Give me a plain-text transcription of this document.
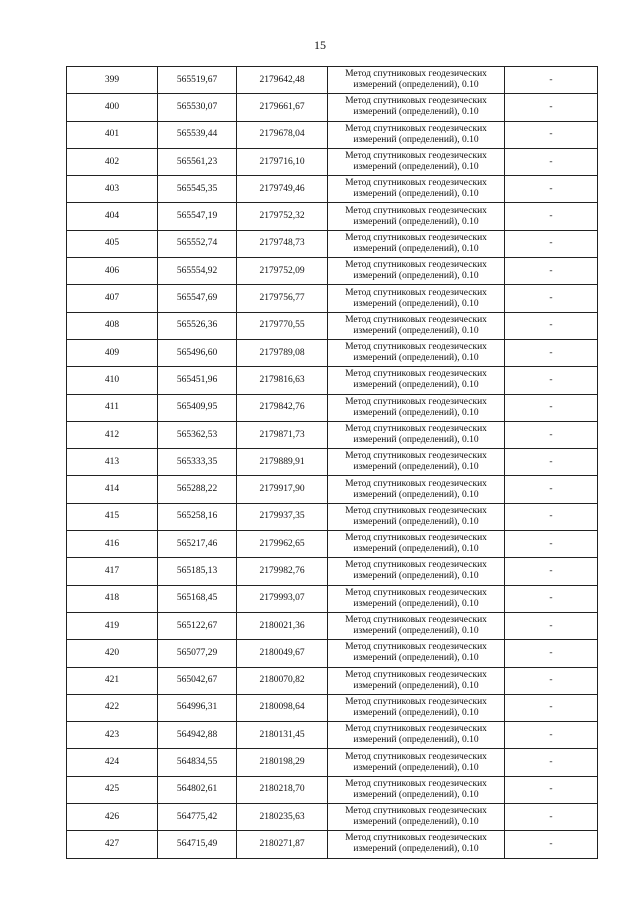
15
399	565519,67	2179642,48	Метод спутниковых геодезических
измерений (определений), 0.10	-
400	565530,07	2179661,67	Метод спутниковых геодезических
измерений (определений), 0.10	-
401	565539,44	2179678,04	Метод спутниковых геодезических
измерений (определений), 0.10	-
402	565561,23	2179716,10	Метод спутниковых геодезических
измерений (определений), 0.10	-
403	565545,35	2179749,46	Метод спутниковых геодезических
измерений (определений), 0.10	-
404	565547,19	2179752,32	Метод спутниковых геодезических
измерений (определений), 0.10	-
405	565552,74	2179748,73	Метод спутниковых геодезических
измерений (определений), 0.10	-
406	565554,92	2179752,09	Метод спутниковых геодезических
измерений (определений), 0.10	-
407	565547,69	2179756,77	Метод спутниковых геодезических
измерений (определений), 0.10	-
408	565526,36	2179770,55	Метод спутниковых геодезических
измерений (определений), 0.10	-
409	565496,60	2179789,08	Метод спутниковых геодезических
измерений (определений), 0.10	-
410	565451,96	2179816,63	Метод спутниковых геодезических
измерений (определений), 0.10	-
411	565409,95	2179842,76	Метод спутниковых геодезических
измерений (определений), 0.10	-
412	565362,53	2179871,73	Метод спутниковых геодезических
измерений (определений), 0.10	-
413	565333,35	2179889,91	Метод спутниковых геодезических
измерений (определений), 0.10	-
414	565288,22	2179917,90	Метод спутниковых геодезических
измерений (определений), 0.10	-
415	565258,16	2179937,35	Метод спутниковых геодезических
измерений (определений), 0.10	-
416	565217,46	2179962,65	Метод спутниковых геодезических
измерений (определений), 0.10	-
417	565185,13	2179982,76	Метод спутниковых геодезических
измерений (определений), 0.10	-
418	565168,45	2179993,07	Метод спутниковых геодезических
измерений (определений), 0.10	-
419	565122,67	2180021,36	Метод спутниковых геодезических
измерений (определений), 0.10	-
420	565077,29	2180049,67	Метод спутниковых геодезических
измерений (определений), 0.10	-
421	565042,67	2180070,82	Метод спутниковых геодезических
измерений (определений), 0.10	-
422	564996,31	2180098,64	Метод спутниковых геодезических
измерений (определений), 0.10	-
423	564942,88	2180131,45	Метод спутниковых геодезических
измерений (определений), 0.10	-
424	564834,55	2180198,29	Метод спутниковых геодезических
измерений (определений), 0.10	-
425	564802,61	2180218,70	Метод спутниковых геодезических
измерений (определений), 0.10	-
426	564775,42	2180235,63	Метод спутниковых геодезических
измерений (определений), 0.10	-
427	564715,49	2180271,87	Метод спутниковых геодезических
измерений (определений), 0.10	-
